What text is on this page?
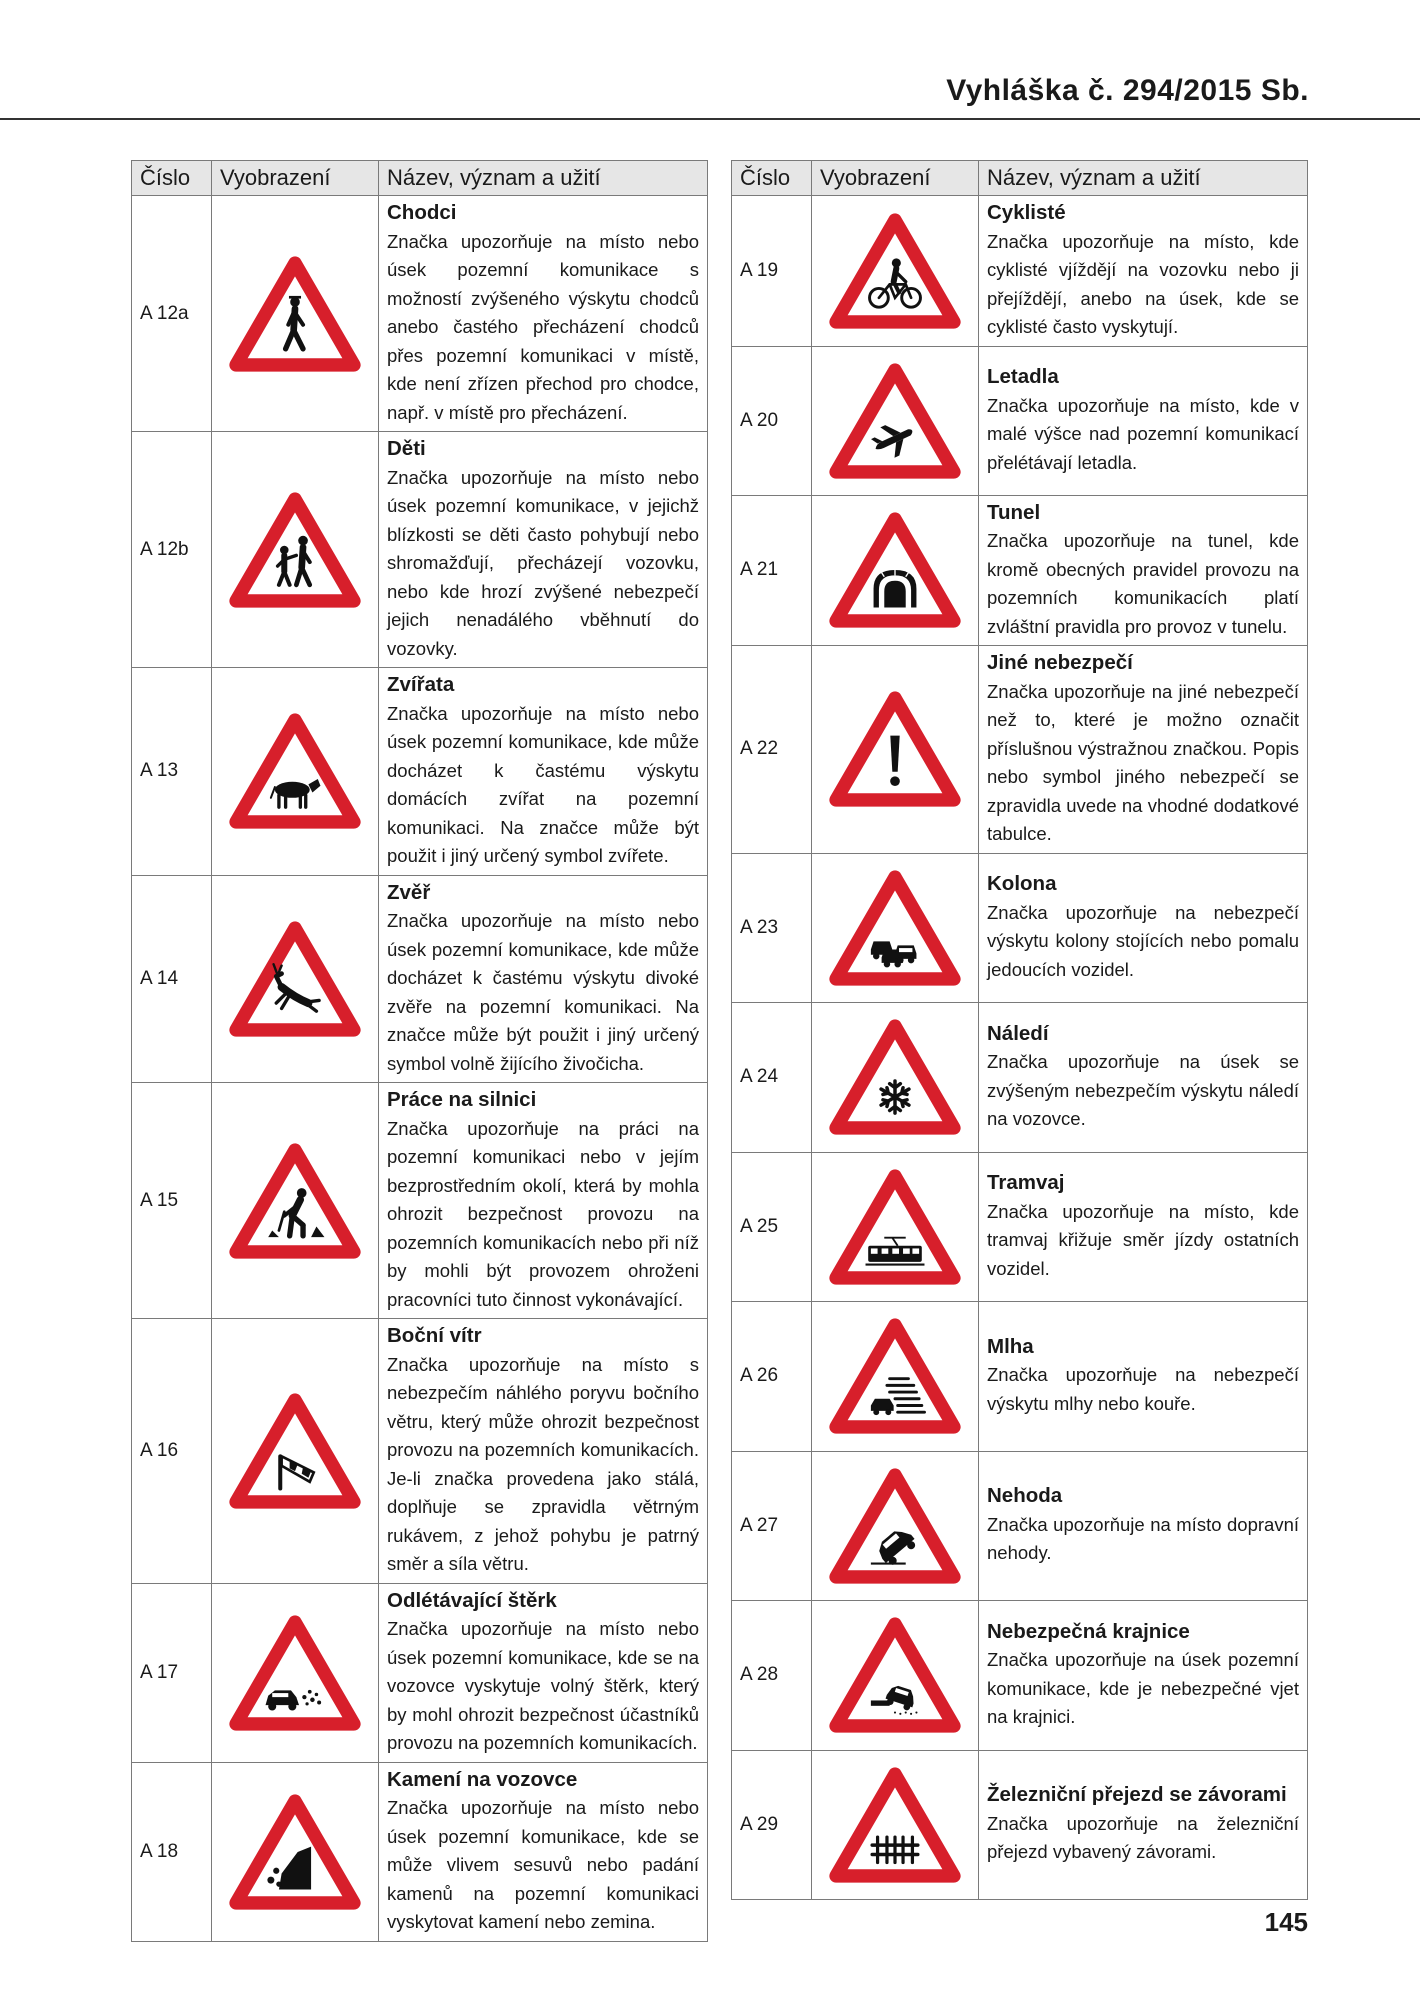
Vyhláška č. 294/2015 Sb.
Číslo	Vyobrazení	Název, význam a užití
A 12a		Chodci
Značka upozorňuje na místo nebo úsek pozemní komunikace s možností zvýšeného výskytu chodců anebo častého přecházení chodců přes pozemní komunikaci v místě, kde není zřízen přechod pro chodce, např. v místě pro přecházení.

A 12b		Děti
Značka upozorňuje na místo nebo úsek pozemní komunikace, v jejichž blízkosti se děti často pohybují nebo shromažďují, přecházejí vozovku, nebo kde hrozí zvýšené nebezpečí jejich nenadálého vběhnutí do vozovky.

A 13		Zvířata
Značka upozorňuje na místo nebo úsek pozemní komunikace, kde může docházet k častému výskytu domácích zvířat na pozemní komunikaci. Na značce může být použit i jiný určený symbol zvířete.

A 14		Zvěř
Značka upozorňuje na místo nebo úsek pozemní komunikace, kde může docházet k častému výskytu divoké zvěře na pozemní komunikaci. Na značce může být použit i jiný určený symbol volně žijícího živočicha.

A 15		Práce na silnici
Značka upozorňuje na práci na pozemní komunikaci nebo v jejím bezprostředním okolí, která by mohla ohrozit bezpečnost provozu na pozemních komunikacích nebo při níž by mohli být provozem ohroženi pracovníci tuto činnost vykonávající.

A 16		Boční vítr
Značka upozorňuje na místo s nebezpečím náhlého poryvu bočního větru, který může ohrozit bezpečnost provozu na pozemních komunikacích. Je-li značka provedena jako stálá, doplňuje se zpravidla větrným rukávem, z jehož pohybu je patrný směr a síla větru.

A 17		Odlétávající štěrk
Značka upozorňuje na místo nebo úsek pozemní komunikace, kde se na vozovce vyskytuje volný štěrk, který by mohl ohrozit bezpečnost účastníků provozu na pozemních komunikacích.

A 18		Kamení na vozovce
Značka upozorňuje na místo nebo úsek pozemní komunikace, kde se může vlivem sesuvů nebo padání kamenů na pozemní komunikaci vyskytovat kamení nebo zemina.
Číslo	Vyobrazení	Název, význam a užití
A 19		Cyklisté
Značka upozorňuje na místo, kde cyklisté vjíždějí na vozovku nebo ji přejíždějí, anebo na úsek, kde se cyklisté často vyskytují.

A 20		Letadla
Značka upozorňuje na místo, kde v malé výšce nad pozemní komunikací přelétávají letadla.

A 21		Tunel
Značka upozorňuje na tunel, kde kromě obecných pravidel provozu na pozemních komunikacích platí zvláštní pravidla pro provoz v tunelu.

A 22		Jiné nebezpečí
Značka upozorňuje na jiné nebezpečí než to, které je možno označit příslušnou výstražnou značkou. Popis nebo symbol jiného nebezpečí se zpravidla uvede na vhodné dodatkové tabulce.

A 23		Kolona
Značka upozorňuje na nebezpečí výskytu kolony stojících nebo pomalu jedoucích vozidel.

A 24		Náledí
Značka upozorňuje na úsek se zvýšeným nebezpečím výskytu náledí na vozovce.

A 25		Tramvaj
Značka upozorňuje na místo, kde tramvaj křižuje směr jízdy ostatních vozidel.

A 26		Mlha
Značka upozorňuje na nebezpečí výskytu mlhy nebo kouře.

A 27		Nehoda
Značka upozorňuje na místo dopravní nehody.

A 28		Nebezpečná krajnice
Značka upozorňuje na úsek pozemní komunikace, kde je nebezpečné vjet na krajnici.

A 29		Železniční přejezd se závorami
Značka upozorňuje na železniční přejezd vybavený závorami.
145
